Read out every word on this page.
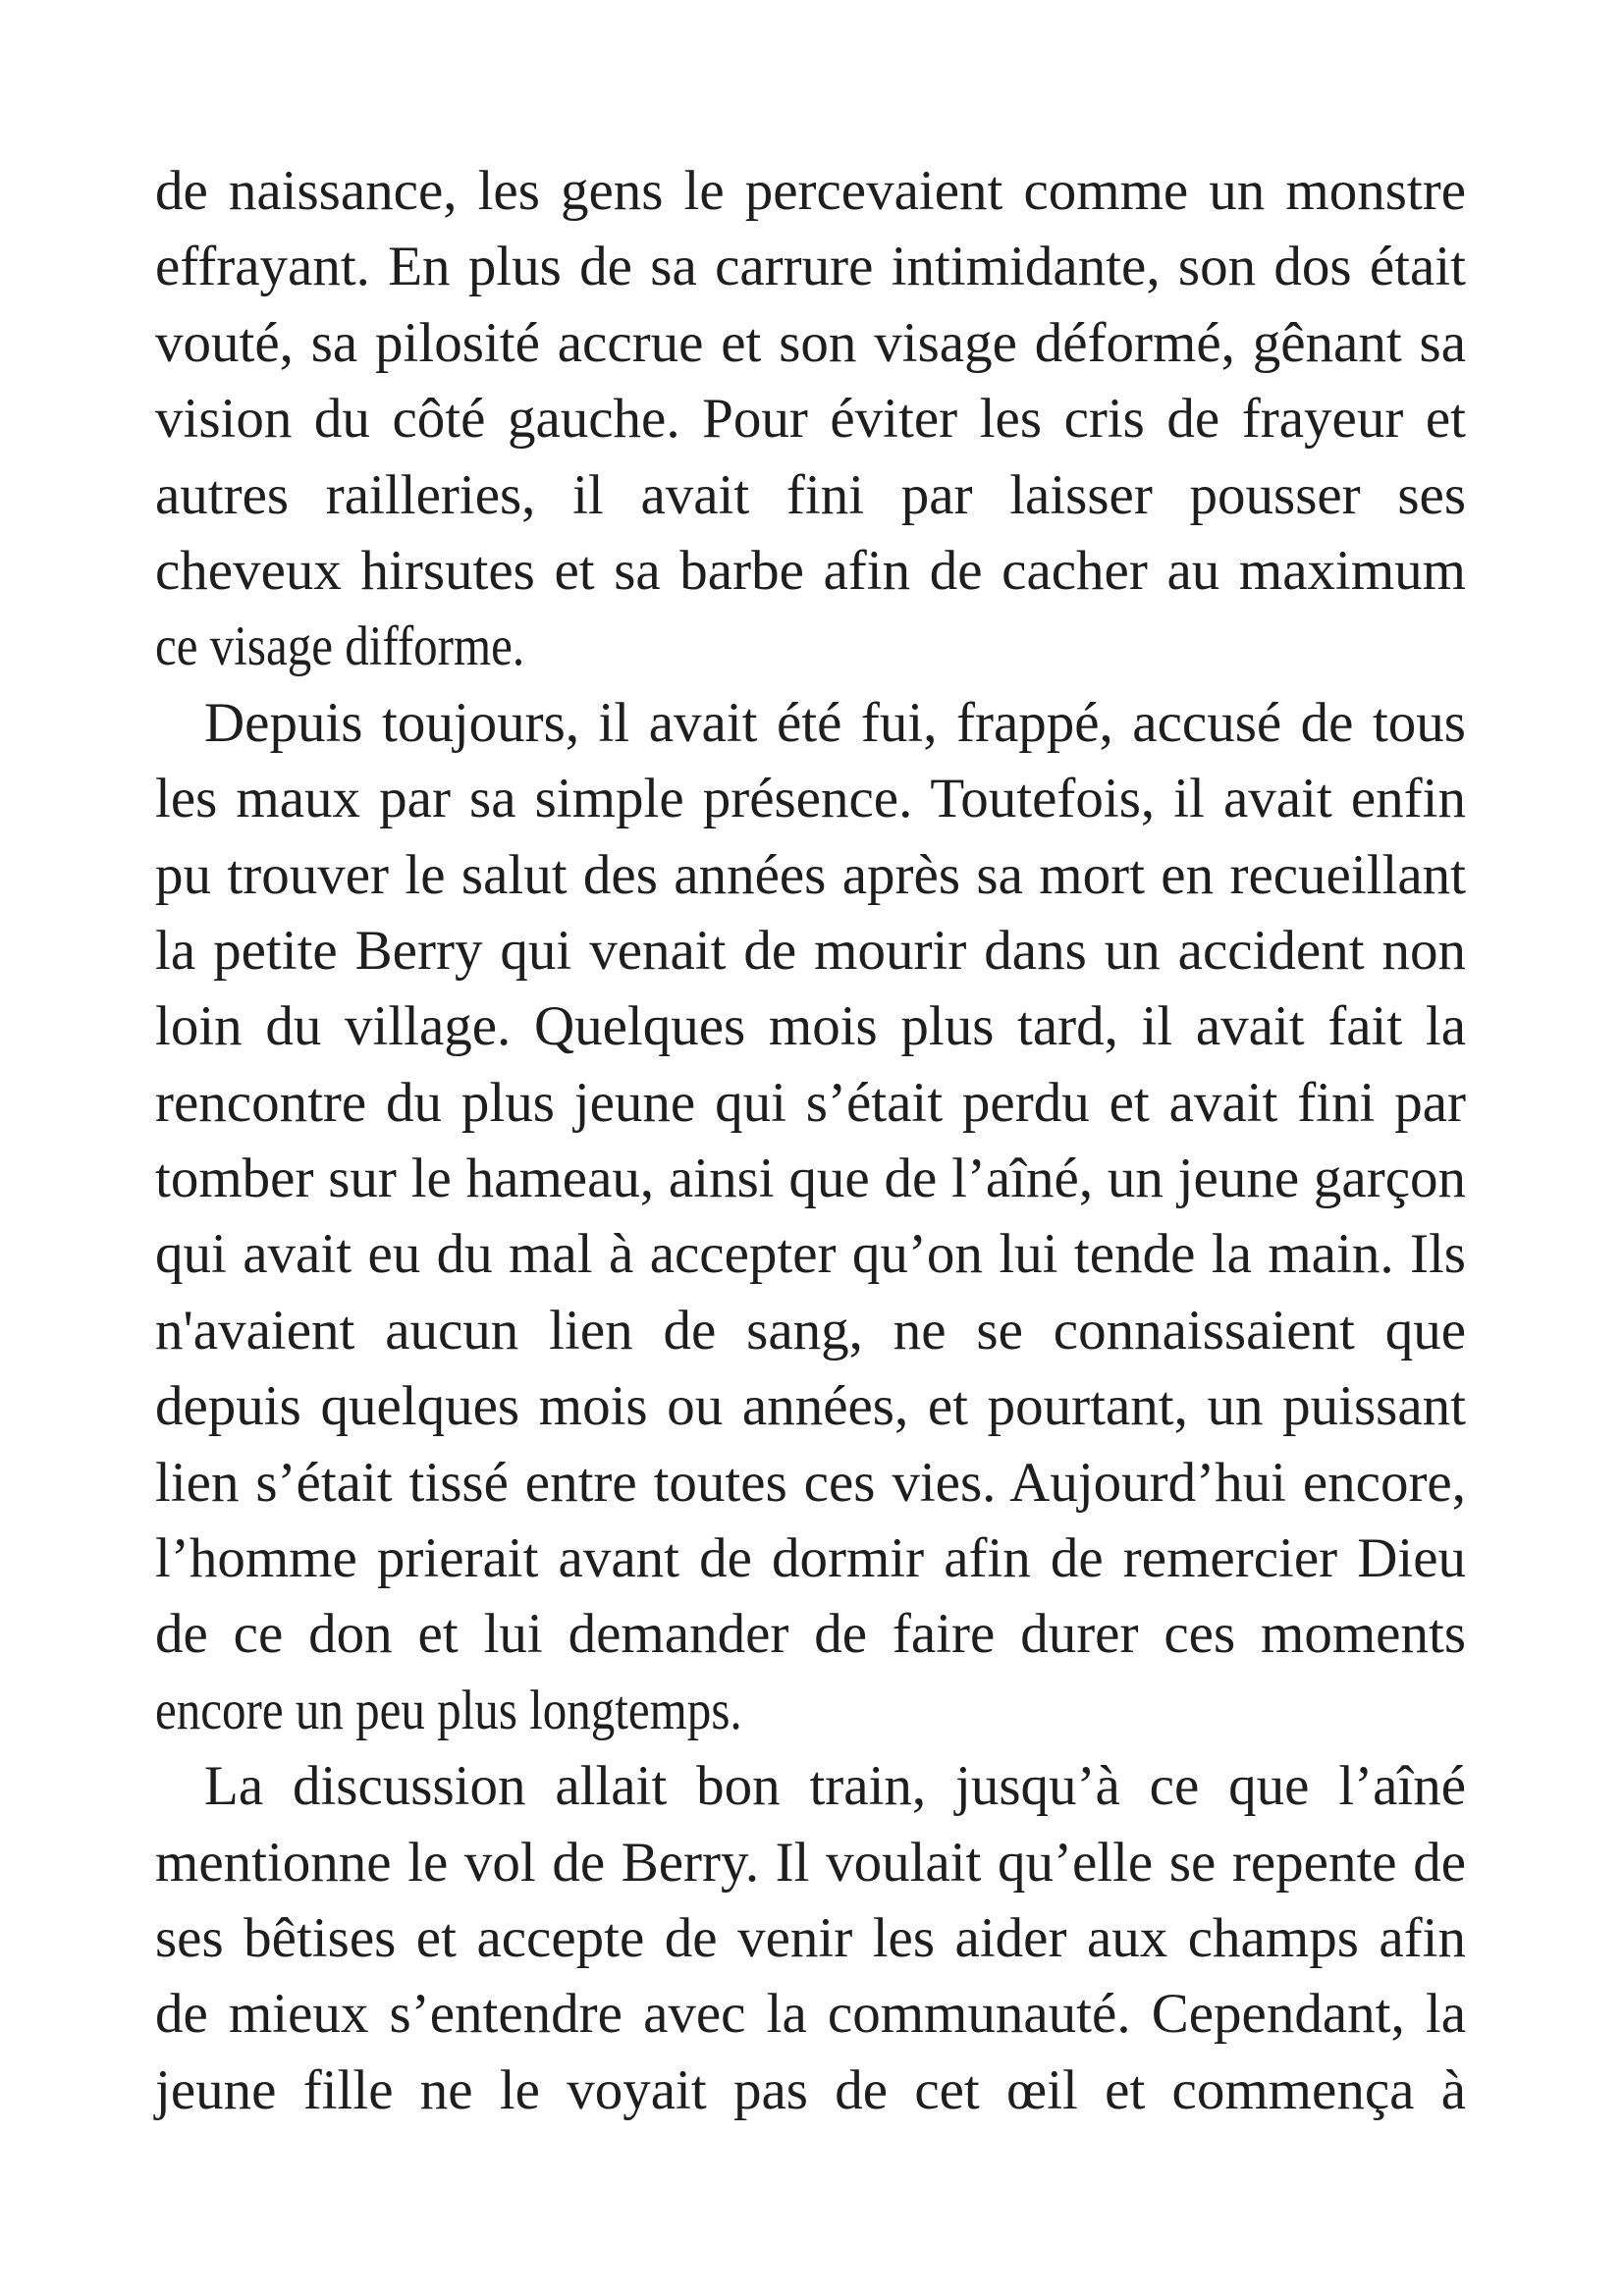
de naissance, les gens le percevaient comme un monstre
effrayant. En plus de sa carrure intimidante, son dos était
vouté, sa pilosité accrue et son visage déformé, gênant sa
vision du côté gauche. Pour éviter les cris de frayeur et
autres railleries, il avait fini par laisser pousser ses
cheveux hirsutes et sa barbe afin de cacher au maximum
ce visage difforme.

Depuis toujours, il avait été fui, frappé, accusé de tous
les maux par sa simple présence. Toutefois, il avait enfin
pu trouver le salut des années après sa mort en recueillant
la petite Berry qui venait de mourir dans un accident non
loin du village. Quelques mois plus tard, il avait fait la
rencontre du plus jeune qui s’était perdu et avait fini par
tomber sur le hameau, ainsi que de l’aîné, un jeune garçon
qui avait eu du mal à accepter qu’on lui tende la main. Ils
n'avaient aucun lien de sang, ne se connaissaient que
depuis quelques mois ou années, et pourtant, un puissant
lien s’était tissé entre toutes ces vies. Aujourd’hui encore,
l’homme prierait avant de dormir afin de remercier Dieu
de ce don et lui demander de faire durer ces moments
encore un peu plus longtemps.

La discussion allait bon train, jusqu’à ce que l’aîné
mentionne le vol de Berry. Il voulait qu’elle se repente de
ses bêtises et accepte de venir les aider aux champs afin
de mieux s’entendre avec la communauté. Cependant, la
jeune fille ne le voyait pas de cet œil et commença à
